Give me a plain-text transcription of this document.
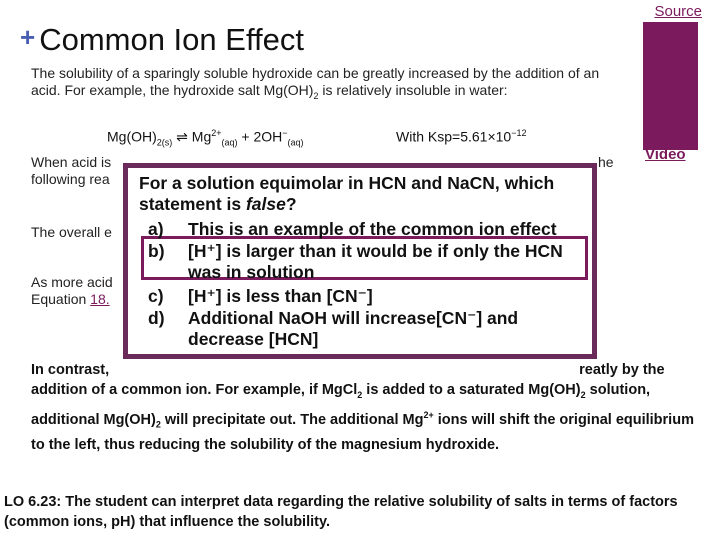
+ Common Ion Effect
Source
Video
The solubility of a sparingly soluble hydroxide can be greatly increased by the addition of an acid. For example, the hydroxide salt $Mg(OH)_2$ is relatively insoluble in water:
$Mg(OH)_{2(s)}$ ⇌ $Mg^{2+}_{(aq)} + 2OH^-_{(aq)}$	With $Ksp=5.61\times 10^{-12}$
When acid is
following rea
he
The overall e
As more acid
Equation 18.
For a solution equimolar in HCN and NaCN, which statement is false?
a) This is an example of the common ion effect
b) [H⁺] is larger than it would be if only the HCN was in solution
c) [H⁺] is less than [CN⁻]
d) Additional NaOH will increase[CN⁻] and decrease [HCN]
In contrast,	reatly by the addition of a common ion. For example, if MgCl$_2$ is added to a saturated $Mg(OH)_2$ solution, additional $Mg(OH)_2$ will precipitate out. The additional $Mg^{2+}$ ions will shift the original equilibrium to the left, thus reducing the solubility of the magnesium hydroxide.
LO 6.23: The student can interpret data regarding the relative solubility of salts in terms of factors (common ions, pH) that influence the solubility.
